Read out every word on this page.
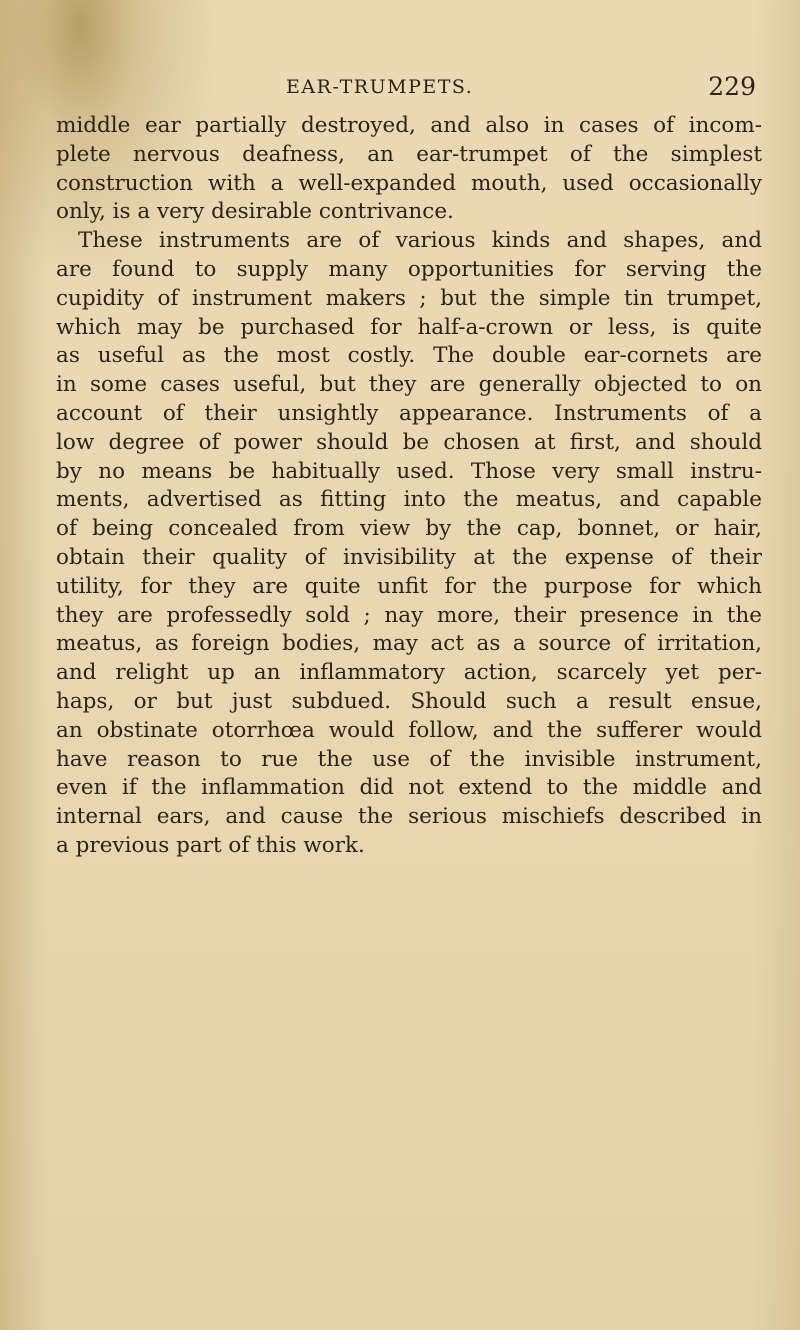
EAR-TRUMPETS.	229
middle ear partially destroyed, and also in cases of incom-
plete nervous deafness, an ear-trumpet of the simplest
construction with a well-expanded mouth, used occasionally
only, is a very desirable contrivance.
These instruments are of various kinds and shapes, and
are found to supply many opportunities for serving the
cupidity of instrument makers ; but the simple tin trumpet,
which may be purchased for half-a-crown or less, is quite
as useful as the most costly. The double ear-cornets are
in some cases useful, but they are generally objected to on
account of their unsightly appearance. Instruments of a
low degree of power should be chosen at first, and should
by no means be habitually used. Those very small instru-
ments, advertised as fitting into the meatus, and capable
of being concealed from view by the cap, bonnet, or hair,
obtain their quality of invisibility at the expense of their
utility, for they are quite unfit for the purpose for which
they are professedly sold ; nay more, their presence in the
meatus, as foreign bodies, may act as a source of irritation,
and relight up an inflammatory action, scarcely yet per-
haps, or but just subdued. Should such a result ensue,
an obstinate otorrhœa would follow, and the sufferer would
have reason to rue the use of the invisible instrument,
even if the inflammation did not extend to the middle and
internal ears, and cause the serious mischiefs described in
a previous part of this work.
